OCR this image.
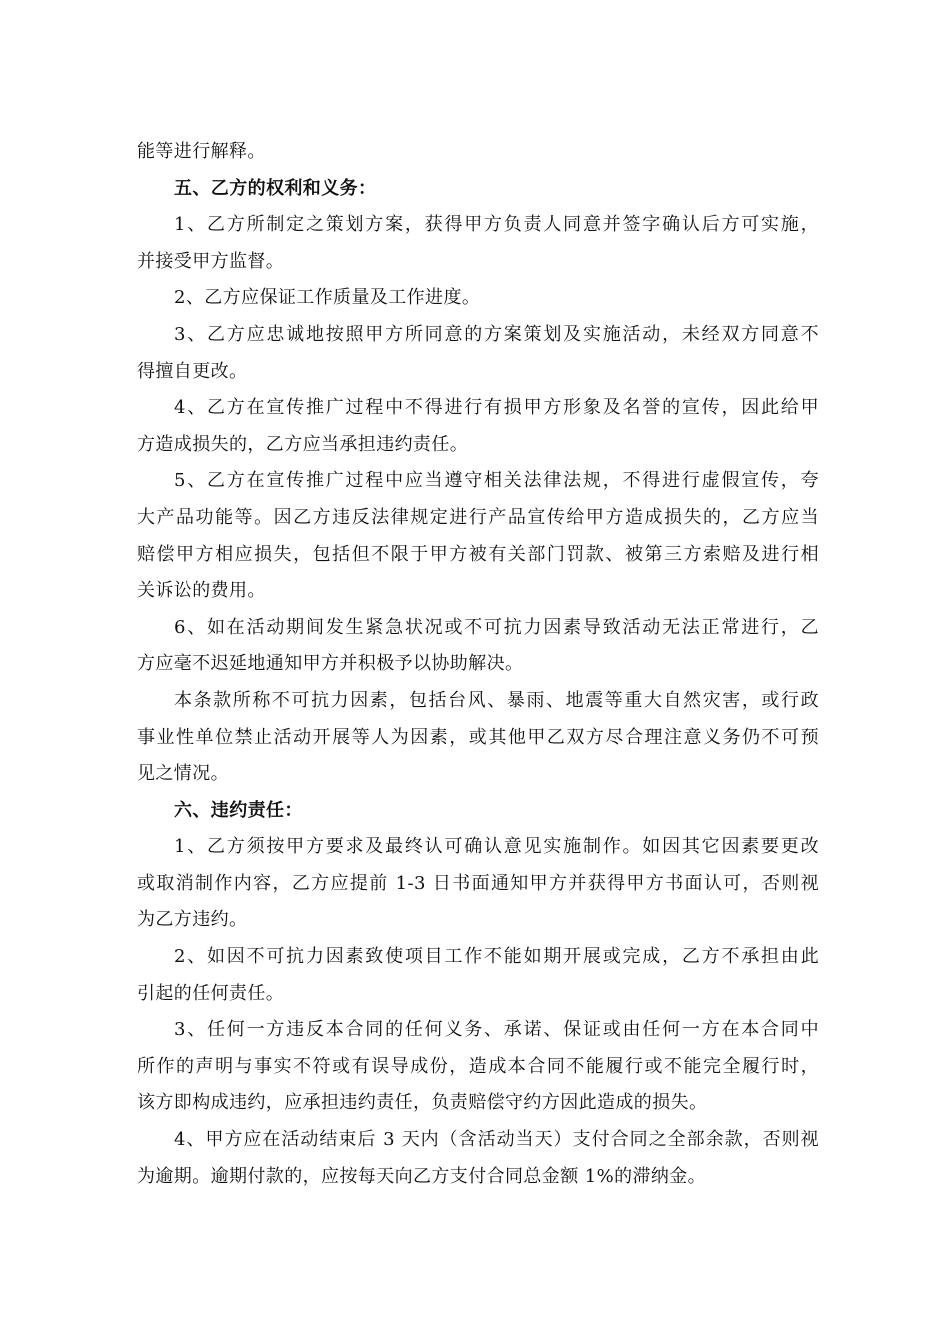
能等进行解释。
五、乙方的权利和义务：
1、乙方所制定之策划方案，获得甲方负责人同意并签字确认后方可实施，
并接受甲方监督。
2、乙方应保证工作质量及工作进度。
3、乙方应忠诚地按照甲方所同意的方案策划及实施活动，未经双方同意不
得擅自更改。
4、乙方在宣传推广过程中不得进行有损甲方形象及名誉的宣传，因此给甲
方造成损失的，乙方应当承担违约责任。
5、乙方在宣传推广过程中应当遵守相关法律法规，不得进行虚假宣传，夸
大产品功能等。因乙方违反法律规定进行产品宣传给甲方造成损失的，乙方应当
赔偿甲方相应损失，包括但不限于甲方被有关部门罚款、被第三方索赔及进行相
关诉讼的费用。
6、如在活动期间发生紧急状况或不可抗力因素导致活动无法正常进行，乙
方应毫不迟延地通知甲方并积极予以协助解决。
本条款所称不可抗力因素，包括台风、暴雨、地震等重大自然灾害，或行政
事业性单位禁止活动开展等人为因素，或其他甲乙双方尽合理注意义务仍不可预
见之情况。
六、违约责任：
1、乙方须按甲方要求及最终认可确认意见实施制作。如因其它因素要更改
或取消制作内容，乙方应提前 1-3 日书面通知甲方并获得甲方书面认可，否则视
为乙方违约。
2、如因不可抗力因素致使项目工作不能如期开展或完成，乙方不承担由此
引起的任何责任。
3、任何一方违反本合同的任何义务、承诺、保证或由任何一方在本合同中
所作的声明与事实不符或有误导成份，造成本合同不能履行或不能完全履行时，
该方即构成违约，应承担违约责任，负责赔偿守约方因此造成的损失。
4、甲方应在活动结束后 3 天内（含活动当天）支付合同之全部余款，否则视
为逾期。逾期付款的，应按每天向乙方支付合同总金额 1%的滞纳金。
